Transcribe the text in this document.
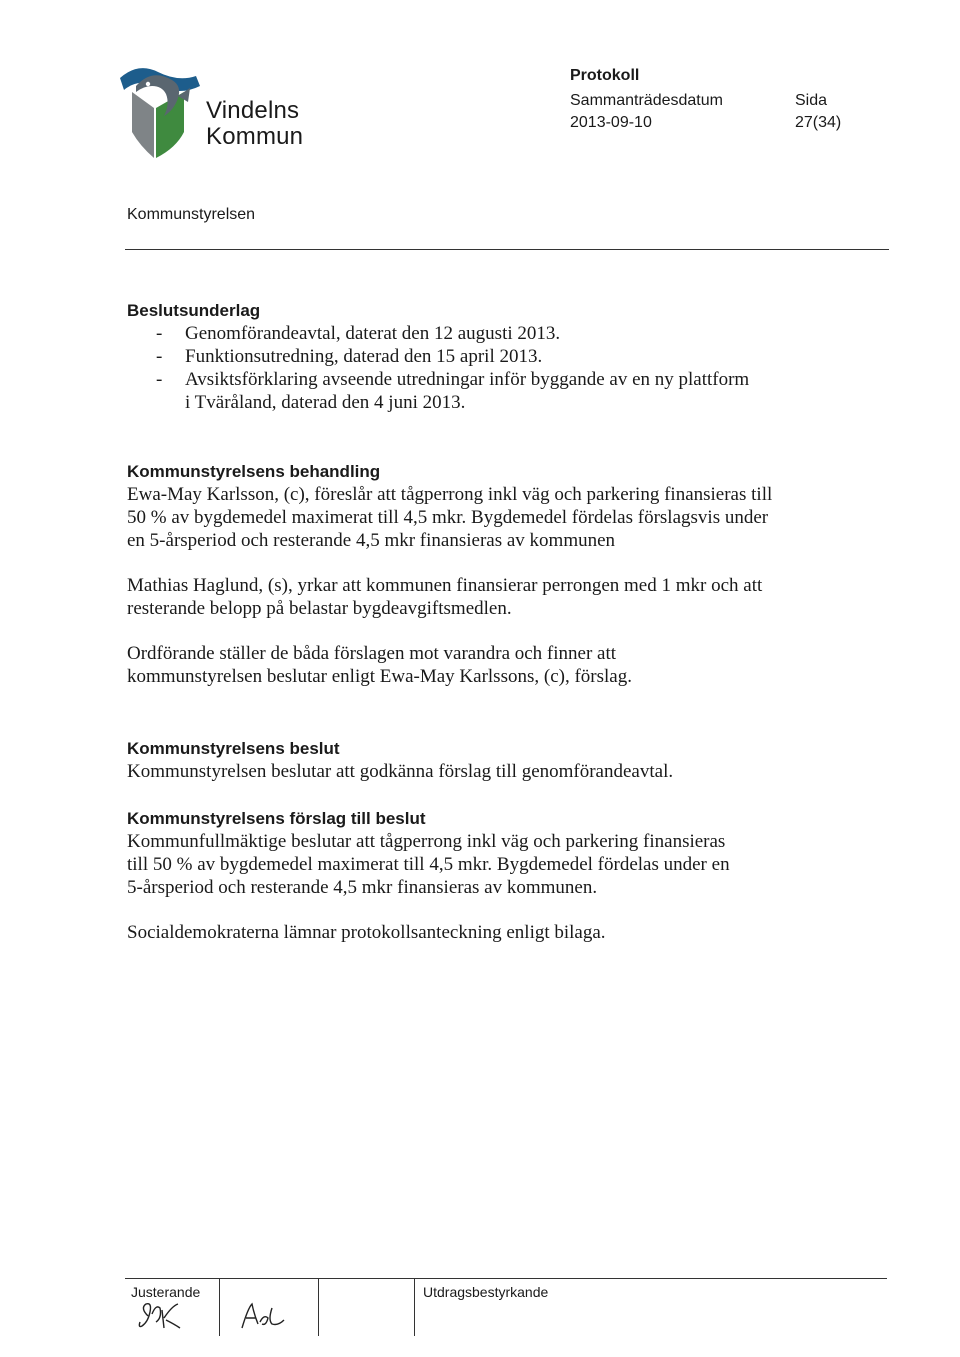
Vindelns
Kommun
Protokoll
Sammanträdesdatum
2013-09-10
Sida
27(34)
Kommunstyrelsen
Beslutsunderlag
- Genomförandeavtal, daterat den 12 augusti 2013.
- Funktionsutredning, daterad den 15 april 2013.
- Avsiktsförklaring avseende utredningar inför byggande av en ny plattform i Tväråland, daterad den 4 juni 2013.
Kommunstyrelsens behandling

Ewa-May Karlsson, (c), föreslår att tågperrong inkl väg och parkering finansieras till 50 % av bygdemedel maximerat till 4,5 mkr. Bygdemedel fördelas förslagsvis under en 5-årsperiod och resterande 4,5 mkr finansieras av kommunen

Mathias Haglund, (s), yrkar att kommunen finansierar perrongen med 1 mkr och att resterande belopp på belastar bygdeavgiftsmedlen.

Ordförande ställer de båda förslagen mot varandra och finner att kommunstyrelsen beslutar enligt Ewa-May Karlssons, (c), förslag.

Kommunstyrelsens beslut

Kommunstyrelsen beslutar att godkänna förslag till genomförandeavtal.

Kommunstyrelsens förslag till beslut

Kommunfullmäktige beslutar att tågperrong inkl väg och parkering finansieras till 50 % av bygdemedel maximerat till 4,5 mkr. Bygdemedel fördelas under en 5-årsperiod och resterande 4,5 mkr finansieras av kommunen.

Socialdemokraterna lämnar protokollsanteckning enligt bilaga.

Justerande	Utdragsbestyrkande
